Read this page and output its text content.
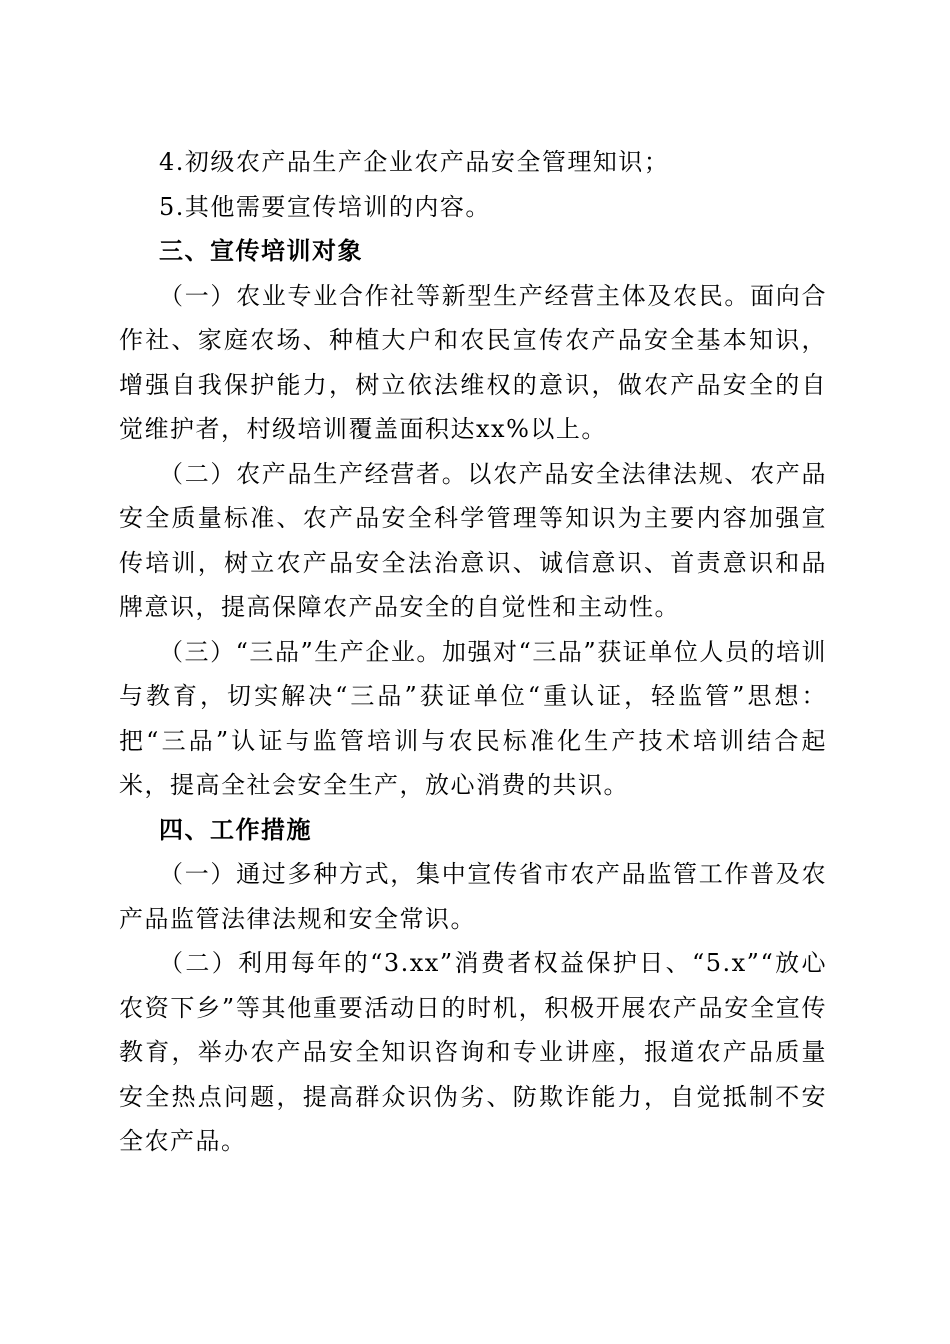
4.初级农产品生产企业农产品安全管理知识；

5.其他需要宣传培训的内容。

三、宣传培训对象

（一）农业专业合作社等新型生产经营主体及农民。面向合作社、家庭农场、种植大户和农民宣传农产品安全基本知识，增强自我保护能力，树立依法维权的意识，做农产品安全的自觉维护者，村级培训覆盖面积达xx%以上。

（二）农产品生产经营者。以农产品安全法律法规、农产品安全质量标准、农产品安全科学管理等知识为主要内容加强宣传培训，树立农产品安全法治意识、诚信意识、首责意识和品牌意识，提高保障农产品安全的自觉性和主动性。

（三）“三品”生产企业。加强对“三品”获证单位人员的培训与教育，切实解决“三品”获证单位“重认证，轻监管”思想：把“三品”认证与监管培训与农民标准化生产技术培训结合起米，提高全社会安全生产，放心消费的共识。

四、工作措施

（一）通过多种方式，集中宣传省市农产品监管工作普及农产品监管法律法规和安全常识。

（二）利用每年的“3.xx”消费者权益保护日、“5.x”“放心农资下乡”等其他重要活动日的时机，积极开展农产品安全宣传教育，举办农产品安全知识咨询和专业讲座，报道农产品质量安全热点问题，提高群众识伪劣、防欺诈能力，自觉抵制不安全农产品。
